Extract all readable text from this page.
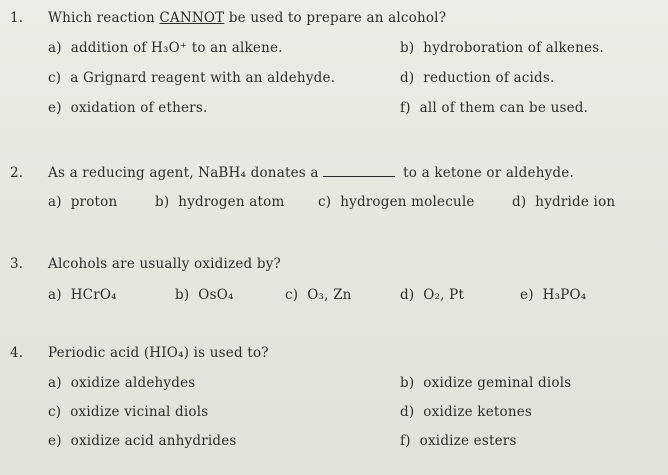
1. Which reaction CANNOT be used to prepare an alcohol?
a) addition of H₃O⁺ to an alkene.	b) hydroboration of alkenes.
c) a Grignard reagent with an aldehyde.	d) reduction of acids.
e) oxidation of ethers.	f) all of them can be used.
2. As a reducing agent, NaBH₄ donates a	to a ketone or aldehyde.
a) proton	b) hydrogen atom c) hydrogen molecule	d) hydride ion
3. Alcohols are usually oxidized by?
a) HCrO₄	b) OsO₄	c) O₃, Zn	d) O₂, Pt	e) H₃PO₄
4. Periodic acid (HIO₄) is used to?
a) oxidize aldehydes	b) oxidize geminal diols
c) oxidize vicinal diols	d) oxidize ketones
e) oxidize acid anhydrides	f) oxidize esters
